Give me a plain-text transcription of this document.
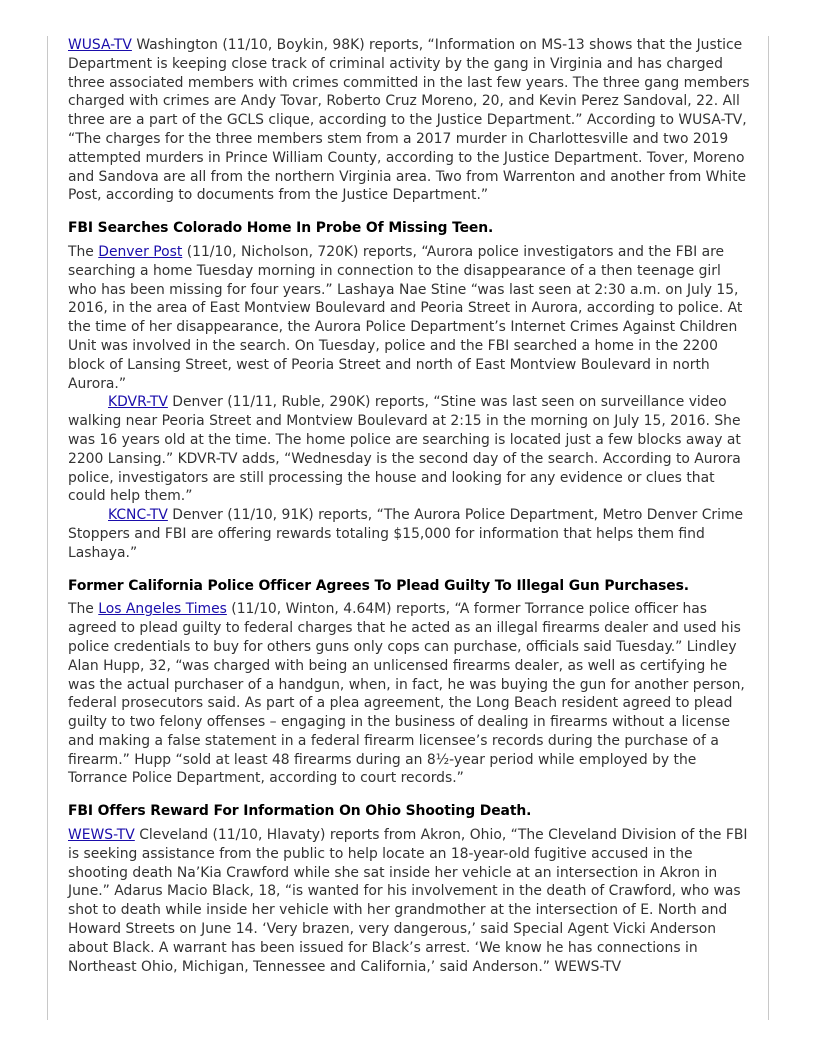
WUSA-TV Washington (11/10, Boykin, 98K) reports, “Information on MS-13 shows that the Justice Department is keeping close track of criminal activity by the gang in Virginia and has charged three associated members with crimes committed in the last few years. The three gang members charged with crimes are Andy Tovar, Roberto Cruz Moreno, 20, and Kevin Perez Sandoval, 22. All three are a part of the GCLS clique, according to the Justice Department.” According to WUSA-TV, “The charges for the three members stem from a 2017 murder in Charlottesville and two 2019 attempted murders in Prince William County, according to the Justice Department. Tover, Moreno and Sandova are all from the northern Virginia area. Two from Warrenton and another from White Post, according to documents from the Justice Department.”

FBI Searches Colorado Home In Probe Of Missing Teen.

The Denver Post (11/10, Nicholson, 720K) reports, “Aurora police investigators and the FBI are searching a home Tuesday morning in connection to the disappearance of a then teenage girl who has been missing for four years.” Lashaya Nae Stine “was last seen at 2:30 a.m. on July 15, 2016, in the area of East Montview Boulevard and Peoria Street in Aurora, according to police. At the time of her disappearance, the Aurora Police Department’s Internet Crimes Against Children Unit was involved in the search. On Tuesday, police and the FBI searched a home in the 2200 block of Lansing Street, west of Peoria Street and north of East Montview Boulevard in north Aurora.”

KDVR-TV Denver (11/11, Ruble, 290K) reports, “Stine was last seen on surveillance video walking near Peoria Street and Montview Boulevard at 2:15 in the morning on July 15, 2016. She was 16 years old at the time. The home police are searching is located just a few blocks away at 2200 Lansing.” KDVR-TV adds, “Wednesday is the second day of the search. According to Aurora police, investigators are still processing the house and looking for any evidence or clues that could help them.”

KCNC-TV Denver (11/10, 91K) reports, “The Aurora Police Department, Metro Denver Crime Stoppers and FBI are offering rewards totaling $15,000 for information that helps them find Lashaya.”

Former California Police Officer Agrees To Plead Guilty To Illegal Gun Purchases.

The Los Angeles Times (11/10, Winton, 4.64M) reports, “A former Torrance police officer has agreed to plead guilty to federal charges that he acted as an illegal firearms dealer and used his police credentials to buy for others guns only cops can purchase, officials said Tuesday.” Lindley Alan Hupp, 32, “was charged with being an unlicensed firearms dealer, as well as certifying he was the actual purchaser of a handgun, when, in fact, he was buying the gun for another person, federal prosecutors said. As part of a plea agreement, the Long Beach resident agreed to plead guilty to two felony offenses – engaging in the business of dealing in firearms without a license and making a false statement in a federal firearm licensee’s records during the purchase of a firearm.” Hupp “sold at least 48 firearms during an 8½-year period while employed by the Torrance Police Department, according to court records.”

FBI Offers Reward For Information On Ohio Shooting Death.

WEWS-TV Cleveland (11/10, Hlavaty) reports from Akron, Ohio, “The Cleveland Division of the FBI is seeking assistance from the public to help locate an 18-year-old fugitive accused in the shooting death Na’Kia Crawford while she sat inside her vehicle at an intersection in Akron in June.” Adarus Macio Black, 18, “is wanted for his involvement in the death of Crawford, who was shot to death while inside her vehicle with her grandmother at the intersection of E. North and Howard Streets on June 14. ‘Very brazen, very dangerous,’ said Special Agent Vicki Anderson about Black. A warrant has been issued for Black’s arrest. ‘We know he has connections in Northeast Ohio, Michigan, Tennessee and California,’ said Anderson.” WEWS-TV
